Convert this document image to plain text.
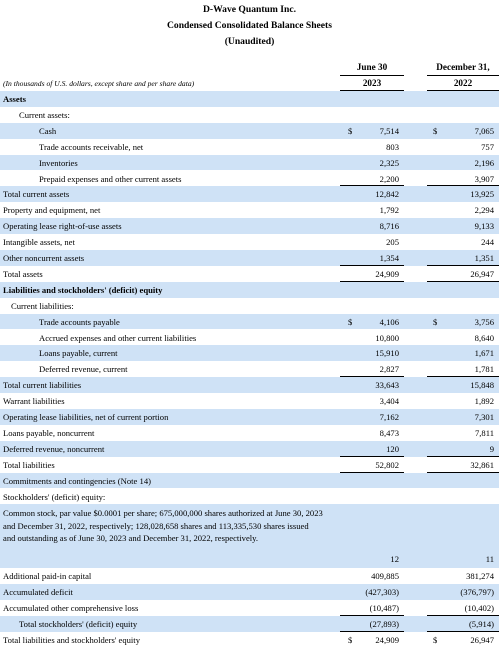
D-Wave Quantum Inc.
Condensed Consolidated Balance Sheets
(Unaudited)
June 30
2023
December 31,
2022
(In thousands of U.S. dollars, except share and per share data)
Assets
Current assets:
Cash	$	7,514	$	7,065
Trade accounts receivable, net	803	757
Inventories	2,325	2,196
Prepaid expenses and other current assets	2,200	3,907
Total current assets	12,842	13,925
Property and equipment, net	1,792	2,294
Operating lease right-of-use assets	8,716	9,133
Intangible assets, net	205	244
Other noncurrent assets	1,354	1,351
Total assets	24,909	26,947
Liabilities and stockholders' (deficit) equity
Current liabilities:
Trade accounts payable	$	4,106	$	3,756
Accrued expenses and other current liabilities	10,800	8,640
Loans payable, current	15,910	1,671
Deferred revenue, current	2,827	1,781
Total current liabilities	33,643	15,848
Warrant liabilities	3,404	1,892
Operating lease liabilities, net of current portion	7,162	7,301
Loans payable, noncurrent	8,473	7,811
Deferred revenue, noncurrent	120	9
Total liabilities	52,802	32,861
Commitments and contingencies (Note 14)
Stockholders' (deficit) equity:
Common stock, par value $0.0001 per share; 675,000,000 shares authorized at June 30, 2023 and December 31, 2022, respectively; 128,028,658 shares and 113,335,530 shares issued and outstanding as of June 30, 2023 and December 31, 2022, respectively.
12	11
Additional paid-in capital	409,885	381,274
Accumulated deficit	(427,303)	(376,797)
Accumulated other comprehensive loss	(10,487)	(10,402)
Total stockholders' (deficit) equity	(27,893)	(5,914)
Total liabilities and stockholders' equity	$	24,909	$	26,947
